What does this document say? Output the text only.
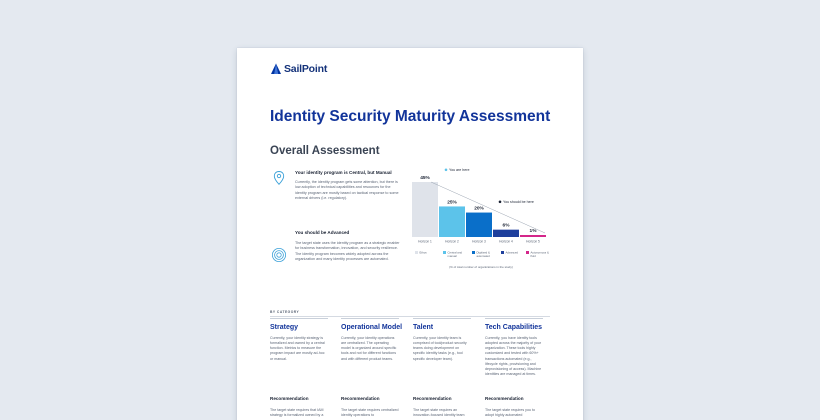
SailPoint
Identity Security Maturity Assessment
Overall Assessment
Your identity program is Central, but Manual
Currently, the identity program gets some attention, but there is low adoption of technical capabilities and resources for the identity program are mostly based on tactical response to some external drivers (i.e. regulatory).
You should be Advanced
The target state uses the identity program as a strategic enabler for business transformation, innovation, and security resilience. The identity program becomes widely adopted across the organization and many identity processes are automated.
45%
Horizon 1
25%
Horizon 2
20%
Horizon 3
6%
Horizon 4
1%
Horizon 5
You are here
You should be here
Ethos	Central and
manual
Digitized &
automated
Advanced	Autonomous &
fluid
(% of total number of organizations in the study)
BY CATEGORY
Strategy

Currently, your identity strategy is formalized and owned by a central function. Metrics to measure the program impact are mostly ad-hoc or manual.

Recommendation
The target state requires that IAM strategy is formalized owned by a
Operational Model

Currently, your identity operations are centralized. The operating model is organized around specific tools and not for different functions and with different product teams.

Recommendation
The target state requires centralized identity operations to
Talent

Currently, your identity team is comprised of tool/product security teams doing development on specific identity tasks (e.g., tool specific developer team).

Recommendation
The target state requires an innovation-focused identity team
Tech Capabilities

Currently, you have identity tools adopted across the majority of your organization. These tools highly customized and tested with 60%+ transactions automated (e.g., lifecycle rights, provisioning and deprovisioning of access). Machine identities are managed at times.

Recommendation
The target state requires you to adopt highly automated
